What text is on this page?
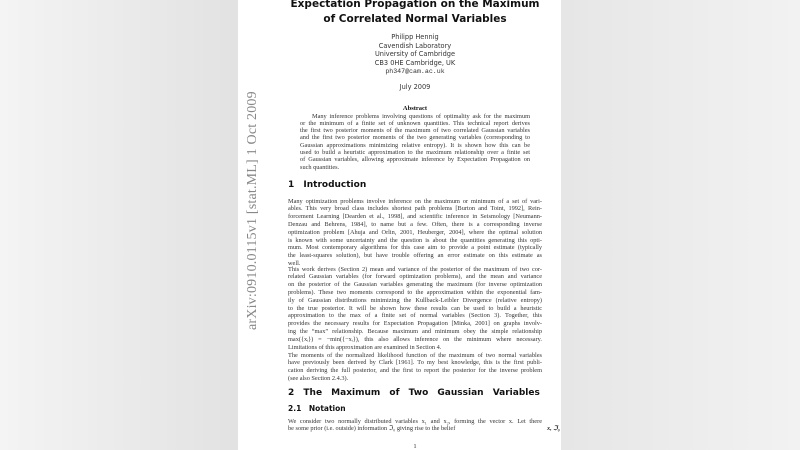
arXiv:0910.0115v1 [stat.ML] 1 Oct 2009
Expectation Propagation on the Maximum
of Correlated Normal Variables
Philipp Hennig
Cavendish Laboratory
University of Cambridge
CB3 0HE Cambridge, UK
ph347@cam.ac.uk
July 2009
Abstract
Many inference problems involving questions of optimality ask for the maximum
or the minimum of a finite set of unknown quantities. This technical report derives
the first two posterior moments of the maximum of two correlated Gaussian variables
and the first two posterior moments of the two generating variables (corresponding to
Gaussian approximations minimizing relative entropy). It is shown how this can be
used to build a heuristic approximation to the maximum relationship over a finite set
of Gaussian variables, allowing approximate inference by Expectation Propagation on
such quantities.
1 Introduction
Many optimization problems involve inference on the maximum or minimum of a set of vari-
ables. This very broad class includes shortest path problems [Burton and Toint, 1992], Rein-
forcement Learning [Dearden et al., 1998], and scientific inference in Seismology [Neumann-
Denzau and Behrens, 1984], to name but a few. Often, there is a corresponding inverse
optimization problem [Ahuja and Orlin, 2001, Heuberger, 2004], where the optimal solution
is known with some uncertainty and the question is about the quantities generating this opti-
mum. Most contemporary algorithms for this case aim to provide a point estimate (typically
the least-squares solution), but have trouble offering an error estimate on this estimate as
well.
This work derives (Section 2) mean and variance of the posterior of the maximum of two cor-
related Gaussian variables (for forward optimization problems), and the mean and variance
on the posterior of the Gaussian variables generating the maximum (for inverse optimization
problems). These two moments correspond to the approximation within the exponential fam-
ily of Gaussian distributions minimizing the Kullback-Leibler Divergence (relative entropy)
to the true posterior. It will be shown how these results can be used to build a heuristic
approximation to the max of a finite set of normal variables (Section 3). Together, this
provides the necessary results for Expectation Propagation [Minka, 2001] on graphs involv-
ing the “max” relationship. Because maximum and minimum obey the simple relationship
max({xᵢ}) = −min({−xᵢ}), this also allows inference on the minimum where necessary.
Limitations of this approximation are examined in Section 4.
The moments of the normalized likelihood function of the maximum of two normal variables
have previously been derived by Clark [1961]. To my best knowledge, this is the first publi-
cation deriving the full posterior, and the first to report the posterior for the inverse problem
(see also Section 2.4.3).
2 The Maximum of Two Gaussian Variables
2.1 Notation
We consider two normally distributed variables x₁ and x₂, forming the vector x. Let there
be some prior (i.e. outside) information ℑ₀ giving rise to the belief	x, ℑ₀
1
